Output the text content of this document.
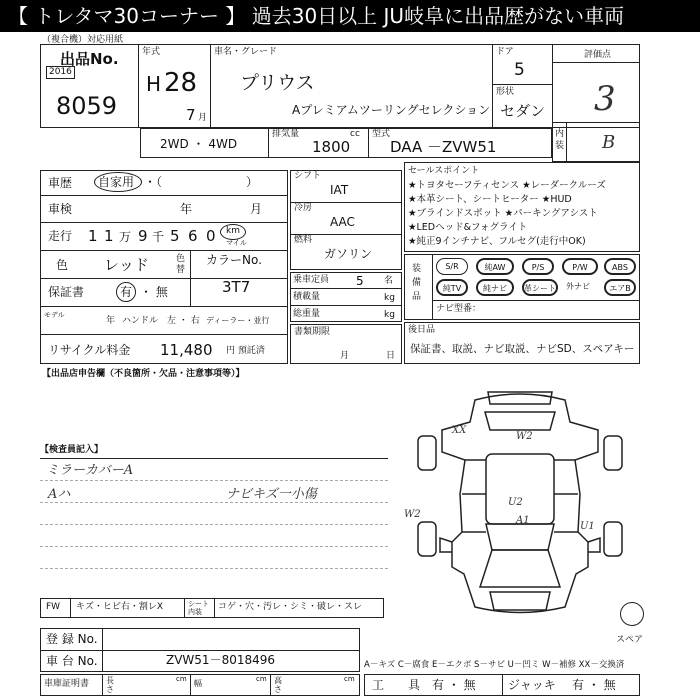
【 トレタマ30コーナー 】 過去30日以上 JU岐阜に出品歴がない車両
（複合機）対応用紙
出品No.
2016
8059
年式
H 28
7 月
車名・グレード
プリウス
Aプレミアムツーリングセレクション
ドア
5
形状
セダン
評価点
3
内装 B
2WD ・ 4WD
排気量	cc
1800
型式
DAA －ZVW51
車歴 自家用 ・（　　　　　　　）
車検	年	月
走行 1 1 万 9 千 5 6 0 km
マイル
色 レッド	色替
カラーNo.
3T7
保証書	有 ・ 無
モデル
年 ハンドル　左 ・ 右 ディーラー・並行
リサイクル料金 11,480 円 預託済
シフト
IAT
冷房
AAC
燃料
ガソリン
乗車定員 5 名
積載量	kg
総重量	kg
書類期限
月	日
セールスポイント
★トヨタセーフティセンス ★レーダークルーズ
★本革シート、シートヒーター ★HUD
★ブラインドスポット ★パーキングアシスト
★LEDヘッド&フォグライト
★純正9インチナビ、フルセグ(走行中OK)
装備品
S/R	純AW	P/S	P/W	ABS
純TV	純ナビ	革シート 外ナビ	エアB
ナビ型番：
後日品
保証書、取説、ナビ取説、ナビSD、スペアキー
【出品店申告欄（不良箇所・欠品・注意事項等）】
【検査員記入】
ミラーカバーA
Aハ	ナビキズ一小傷
XX
W2
U2
A1
U1
W2
スペア
FW キズ・ヒビ右・割レX	シート内装	コゲ・穴・汚レ・シミ・破レ・スレ
登 録 No.
車 台 No.	ZVW51－8018496
車庫証明書 長さ
cm 幅	cm 高さ
cm
A－キズ C－腐食 E－エクボ S－サビ U－凹ミ W－補修 XX－交換済
工　　具 有 ・ 無	ジャッキ 有 ・ 無
